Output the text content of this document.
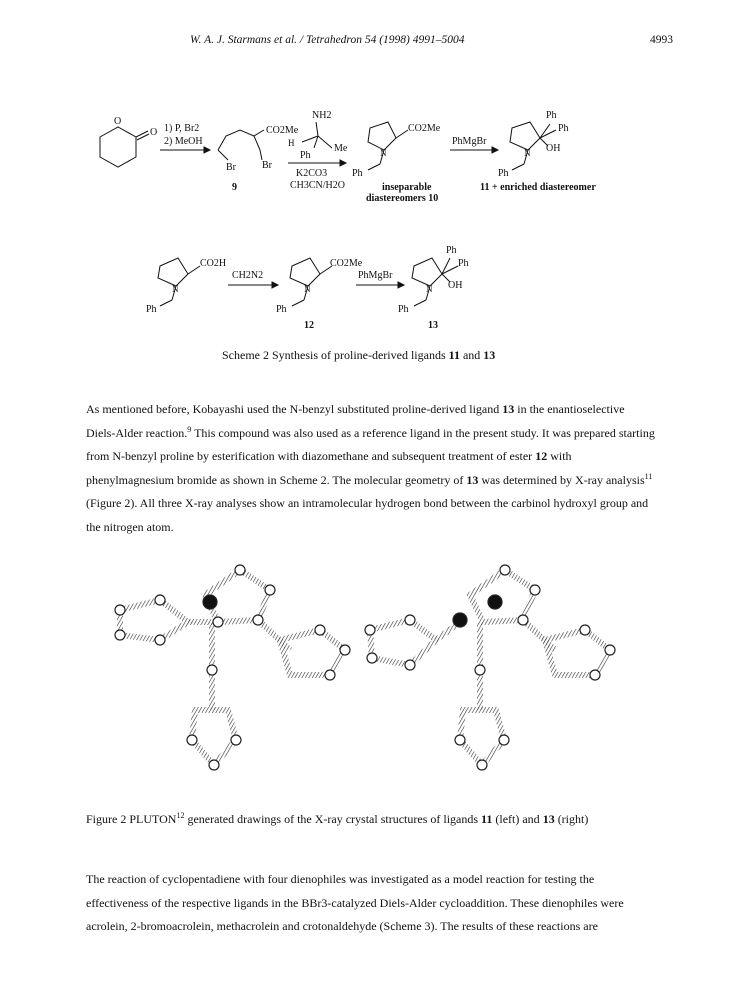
W. A. J. Starmans et al. / Tetrahedron 54 (1998) 4991–5004	4993
O
O 1) P, Br2
2) MeOH
CO2Me
Br
Br
9
NH2
H
Ph
Me
K2CO3
CH3CN/H2O
CO2Me
N
Ph
inseparable
diastereomers 10
PhMgBr
Ph
Ph
OH
N
Ph
11 + enriched diastereomer
CO2H
N
Ph
CH2N2
CO2Me
N
Ph
12
PhMgBr
Ph
Ph
OH
N
Ph
13
Scheme 2 Synthesis of proline-derived ligands 11 and 13
As mentioned before, Kobayashi used the N-benzyl substituted proline-derived ligand 13 in the enantioselective Diels-Alder reaction.$^9$ This compound was also used as a reference ligand in the present study. It was prepared starting from N-benzyl proline by esterification with diazomethane and subsequent treatment of ester 12 with phenylmagnesium bromide as shown in Scheme 2. The molecular geometry of 13 was determined by X-ray analysis$^{11}$ (Figure 2). All three X-ray analyses show an intramolecular hydrogen bond between the carbinol hydroxyl group and the nitrogen atom.
Figure 2 PLUTON$^{12}$ generated drawings of the X-ray crystal structures of ligands 11 (left) and 13 (right)
The reaction of cyclopentadiene with four dienophiles was investigated as a model reaction for testing the effectiveness of the respective ligands in the BBr3-catalyzed Diels-Alder cycloaddition. These dienophiles were acrolein, 2-bromoacrolein, methacrolein and crotonaldehyde (Scheme 3). The results of these reactions are
